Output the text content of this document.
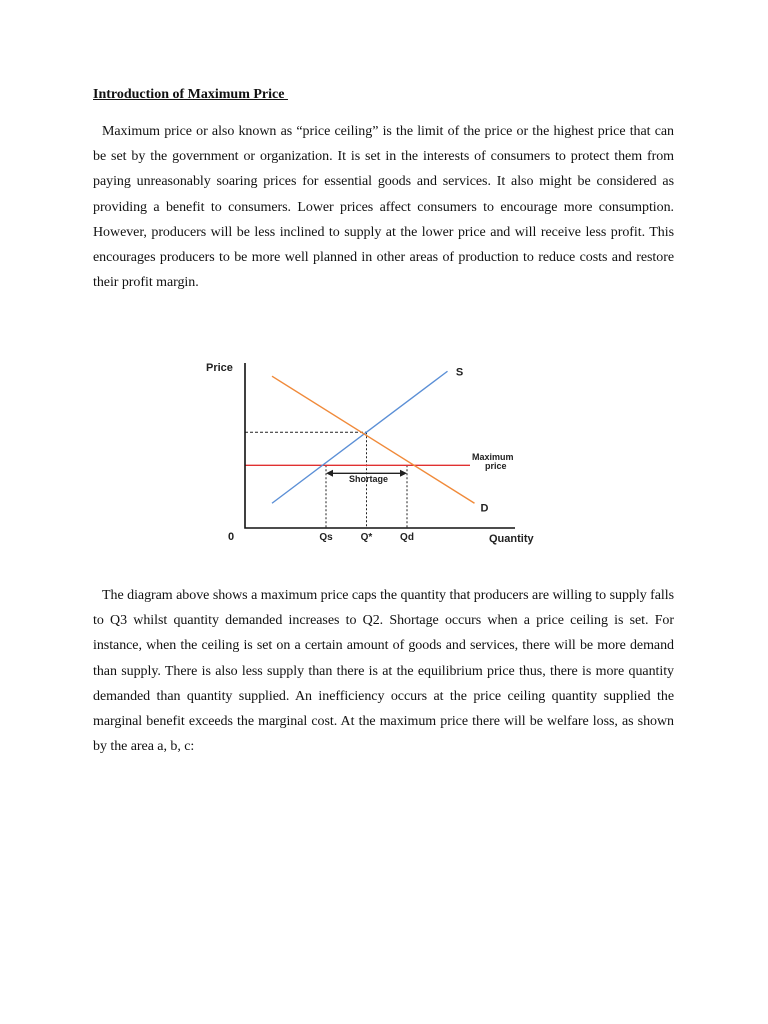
Introduction of Maximum Price

Maximum price or also known as “price ceiling” is the limit of the price or the highest price that can be set by the government or organization. It is set in the interests of consumers to protect them from paying unreasonably soaring prices for essential goods and services. It also might be considered as providing a benefit to consumers. Lower prices affect consumers to encourage more consumption. However, producers will be less inclined to supply at the lower price and will receive less profit. This encourages producers to be more well planned in other areas of production to reduce costs and restore their profit margin.

Price
0	Quantity
Maximum
price
Shortage
S
D
Qs	Q*	Qd

The diagram above shows a maximum price caps the quantity that producers are willing to supply falls to Q3 whilst quantity demanded increases to Q2. Shortage occurs when a price ceiling is set. For instance, when the ceiling is set on a certain amount of goods and services, there will be more demand than supply. There is also less supply than there is at the equilibrium price thus, there is more quantity demanded than quantity supplied. An inefficiency occurs at the price ceiling quantity supplied the marginal benefit exceeds the marginal cost. At the maximum price there will be welfare loss, as shown by the area a, b, c:
